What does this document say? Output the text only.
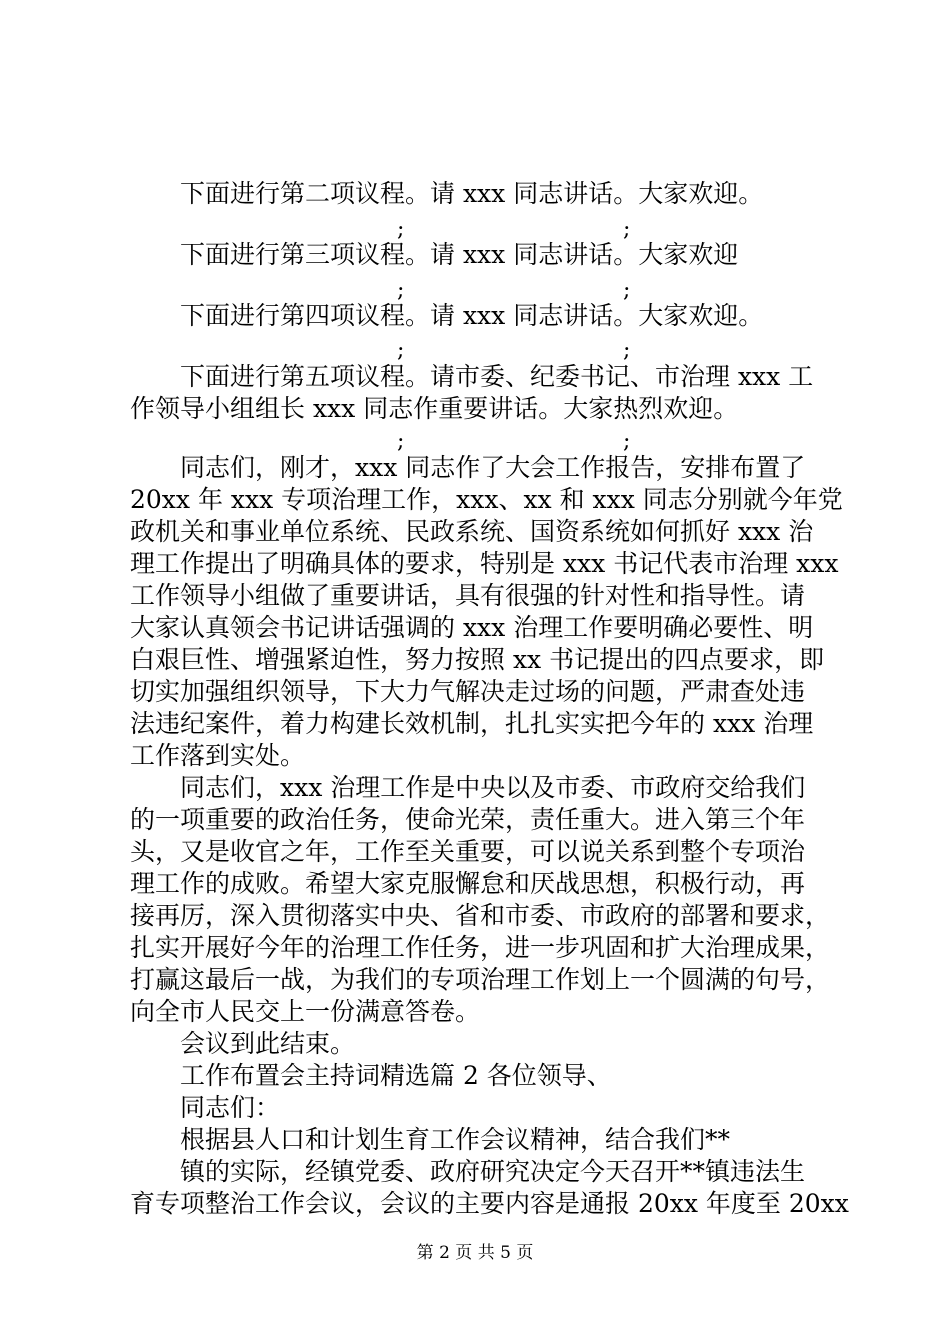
下面进行第二项议程。请 xxx 同志讲话。大家欢迎。
;	;
下面进行第三项议程。请 xxx 同志讲话。大家欢迎
;	;
下面进行第四项议程。请 xxx 同志讲话。大家欢迎。
;	;
下面进行第五项议程。请市委、纪委书记、市治理 xxx 工
作领导小组组长 xxx 同志作重要讲话。大家热烈欢迎。
;	;
同志们，刚才，xxx 同志作了大会工作报告，安排布置了
20xx 年 xxx 专项治理工作，xxx、xx 和 xxx 同志分别就今年党
政机关和事业单位系统、民政系统、国资系统如何抓好 xxx 治
理工作提出了明确具体的要求，特别是 xxx 书记代表市治理 xxx
工作领导小组做了重要讲话，具有很强的针对性和指导性。请
大家认真领会书记讲话强调的 xxx 治理工作要明确必要性、明
白艰巨性、增强紧迫性，努力按照 xx 书记提出的四点要求，即
切实加强组织领导，下大力气解决走过场的问题，严肃查处违
法违纪案件，着力构建长效机制，扎扎实实把今年的 xxx 治理
工作落到实处。
同志们，xxx 治理工作是中央以及市委、市政府交给我们
的一项重要的政治任务，使命光荣，责任重大。进入第三个年
头，又是收官之年，工作至关重要，可以说关系到整个专项治
理工作的成败。希望大家克服懈怠和厌战思想，积极行动，再
接再厉，深入贯彻落实中央、省和市委、市政府的部署和要求，
扎实开展好今年的治理工作任务，进一步巩固和扩大治理成果，
打赢这最后一战，为我们的专项治理工作划上一个圆满的句号，
向全市人民交上一份满意答卷。
会议到此结束。
工作布置会主持词精选篇 2 各位领导、
同志们：
根据县人口和计划生育工作会议精神，结合我们**
镇的实际，经镇党委、政府研究决定今天召开**镇违法生
育专项整治工作会议，会议的主要内容是通报 20xx 年度至 20xx
第 2 页 共 5 页
